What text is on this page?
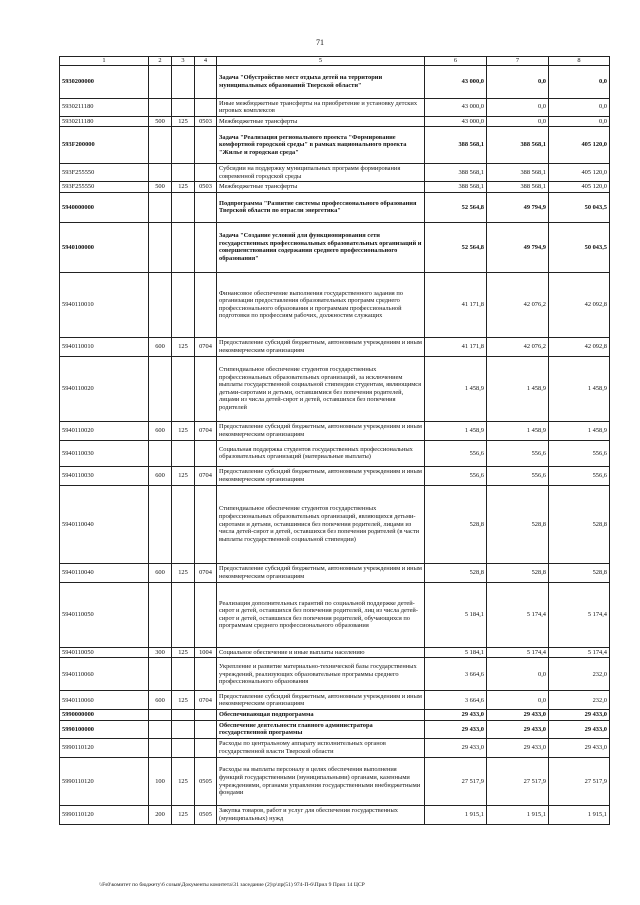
71
1	2	3	4	5	6	7	8
5930200000				Задача "Обустройство мест отдыха детей на территории муниципальных образований Тверской области"	43 000,0	0,0	0,0
5930211180				Иные межбюджетные трансферты на приобретение и установку детских игровых комплексов	43 000,0	0,0	0,0
5930211180	500	125	0503	Межбюджетные трансферты	43 000,0	0,0	0,0
593F200000				Задача "Реализация регионального проекта "Формирование комфортной городской среды" в рамках национального проекта "Жилье и городская среда"	388 568,1	388 568,1	405 120,0
593F255550				Субсидии на поддержку муниципальных программ формирования современной городской среды	388 568,1	388 568,1	405 120,0
593F255550	500	125	0503	Межбюджетные трансферты	388 568,1	388 568,1	405 120,0
5940000000				Подпрограмма "Развитие системы профессионального образования Тверской области по отрасли энергетика"	52 564,8	49 794,9	50 043,5
5940100000				Задача "Создание условий для функционирования сети государственных профессиональных образовательных организаций и совершенствования содержания среднего профессионального образования"	52 564,8	49 794,9	50 043,5
5940110010				Финансовое обеспечение выполнения государственного задания по организации предоставления образовательных программ среднего профессионального образования и программам профессиональной подготовки по профессиям рабочих, должностям служащих	41 171,8	42 076,2	42 092,8
5940110010	600	125	0704	Предоставление субсидий бюджетным, автономным учреждениям и иным некоммерческим организациям	41 171,8	42 076,2	42 092,8
5940110020				Стипендиальное обеспечение студентов государственных профессиональных образовательных организаций, за исключением выплаты государственной социальной стипендии студентам, являющимся детьми-сиротами и детьми, оставшимися без попечения родителей, лицами из числа детей-сирот и детей, оставшихся без попечения родителей	1 458,9	1 458,9	1 458,9
5940110020	600	125	0704	Предоставление субсидий бюджетным, автономным учреждениям и иным некоммерческим организациям	1 458,9	1 458,9	1 458,9
5940110030				Социальная поддержка студентов государственных профессиональных образовательных организаций (материальные выплаты)	556,6	556,6	556,6
5940110030	600	125	0704	Предоставление субсидий бюджетным, автономным учреждениям и иным некоммерческим организациям	556,6	556,6	556,6
5940110040				Стипендиальное обеспечение студентов государственных профессиональных образовательных организаций, являющихся детьми-сиротами и детьми, оставшимися без попечения родителей, лицами из числа детей-сирот и детей, оставшихся без попечения родителей (в части выплаты государственной социальной стипендии)	528,8	528,8	528,8
5940110040	600	125	0704	Предоставление субсидий бюджетным, автономным учреждениям и иным некоммерческим организациям	528,8	528,8	528,8
5940110050				Реализация дополнительных гарантий по социальной поддержке детей-сирот и детей, оставшихся без попечения родителей, лиц из числа детей-сирот и детей, оставшихся без попечения родителей, обучающихся по программам среднего профессионального образования	5 184,1	5 174,4	5 174,4
5940110050	300	125	1004	Социальное обеспечение и иные выплаты населению	5 184,1	5 174,4	5 174,4
5940110060				Укрепление и развитие материально-технической базы государственных учреждений, реализующих образовательные программы среднего профессионального образования	3 664,6	0,0	232,0
5940110060	600	125	0704	Предоставление субсидий бюджетным, автономным учреждениям и иным некоммерческим организациям	3 664,6	0,0	232,0
5990000000				Обеспечивающая подпрограмма	29 433,0	29 433,0	29 433,0
5990100000				Обеспечение деятельности главного администратора государственной программы	29 433,0	29 433,0	29 433,0
5990110120				Расходы по центральному аппарату исполнительных органов государственной власти Тверской области	29 433,0	29 433,0	29 433,0
5990110120	100	125	0505	Расходы на выплаты персоналу в целях обеспечения выполнения функций государственными (муниципальными) органами, казенными учреждениями, органами управления государственными внебюджетными фондами	27 517,9	27 517,9	27 517,9
5990110120	200	125	0505	Закупка товаров, работ и услуг для обеспечения государственных (муниципальных) нужд	1 915,1	1 915,1	1 915,1
\\Fs0\комитет по бюджету\6 созыв\Документы комитета\31 заседание (2)\р\пр(51) 974-П-6\Прил 9 Прил 14 ЦСР
